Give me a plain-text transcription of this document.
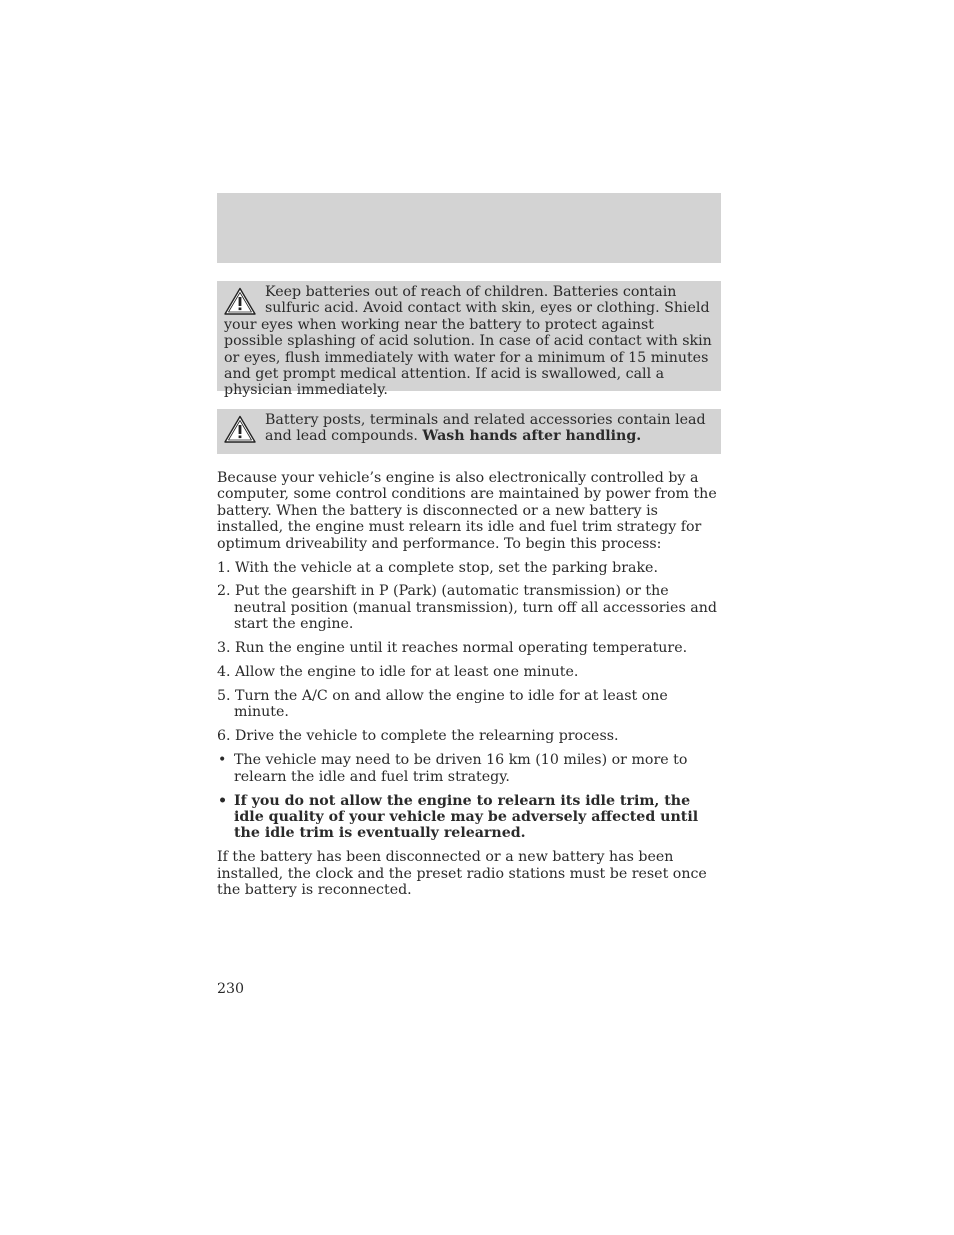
Keep batteries out of reach of children. Batteries contain sulfuric acid. Avoid contact with skin, eyes or clothing. Shield your eyes when working near the battery to protect against possible splashing of acid solution. In case of acid contact with skin or eyes, flush immediately with water for a minimum of 15 minutes and get prompt medical attention. If acid is swallowed, call a physician immediately.
Battery posts, terminals and related accessories contain lead and lead compounds. Wash hands after handling.

Because your vehicle’s engine is also electronically controlled by a computer, some control conditions are maintained by power from the battery. When the battery is disconnected or a new battery is installed, the engine must relearn its idle and fuel trim strategy for optimum driveability and performance. To begin this process:

1. With the vehicle at a complete stop, set the parking brake.

2. Put the gearshift in P (Park) (automatic transmission) or the neutral position (manual transmission), turn off all accessories and start the engine.

3. Run the engine until it reaches normal operating temperature.

4. Allow the engine to idle for at least one minute.

5. Turn the A/C on and allow the engine to idle for at least one minute.

6. Drive the vehicle to complete the relearning process.

• The vehicle may need to be driven 16 km (10 miles) or more to relearn the idle and fuel trim strategy.
• If you do not allow the engine to relearn its idle trim, the idle quality of your vehicle may be adversely affected until the idle trim is eventually relearned.

If the battery has been disconnected or a new battery has been installed, the clock and the preset radio stations must be reset once the battery is reconnected.

230
